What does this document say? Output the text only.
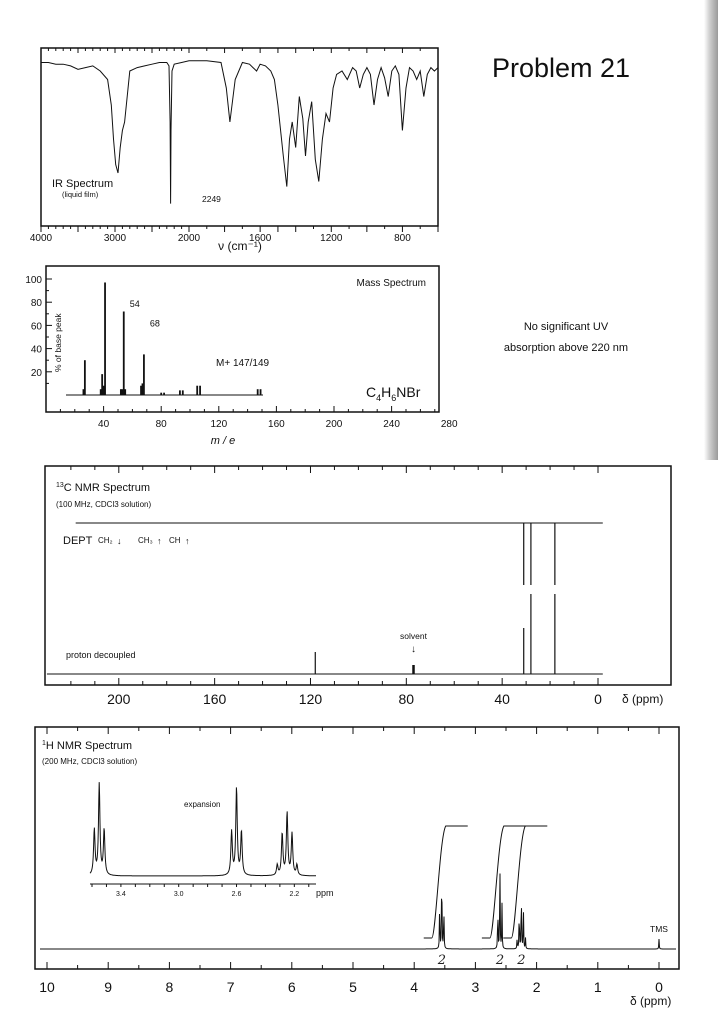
Problem 21
No significant UV
absorption above 220 nm
IR Spectrum
(liquid film)	2249
4000	3000	2000	1600	1200	800
ν (cm⁻¹)
40	80	120	160	200	240	280
54
68
20
40
60
80
100	Mass Spectrum
% of base peak	M+ 147/149
$C_4H_6NBr$
m / e
$^{13}$C NMR Spectrum
(100 MHz, CDCl3 solution)
DEPT CH₂ ↓ CH₃ ↑ CH ↑
proton decoupled
solvent
↓
200	160	120	80	40	0 δ (ppm)
$^1$H NMR Spectrum
(200 MHz, CDCl3 solution)
expansion
3.4	3.0	2.6	2.2 ppm
2	2 2
TMS
10	9	8	7	6	5	4	3	2	1	0
δ (ppm)
